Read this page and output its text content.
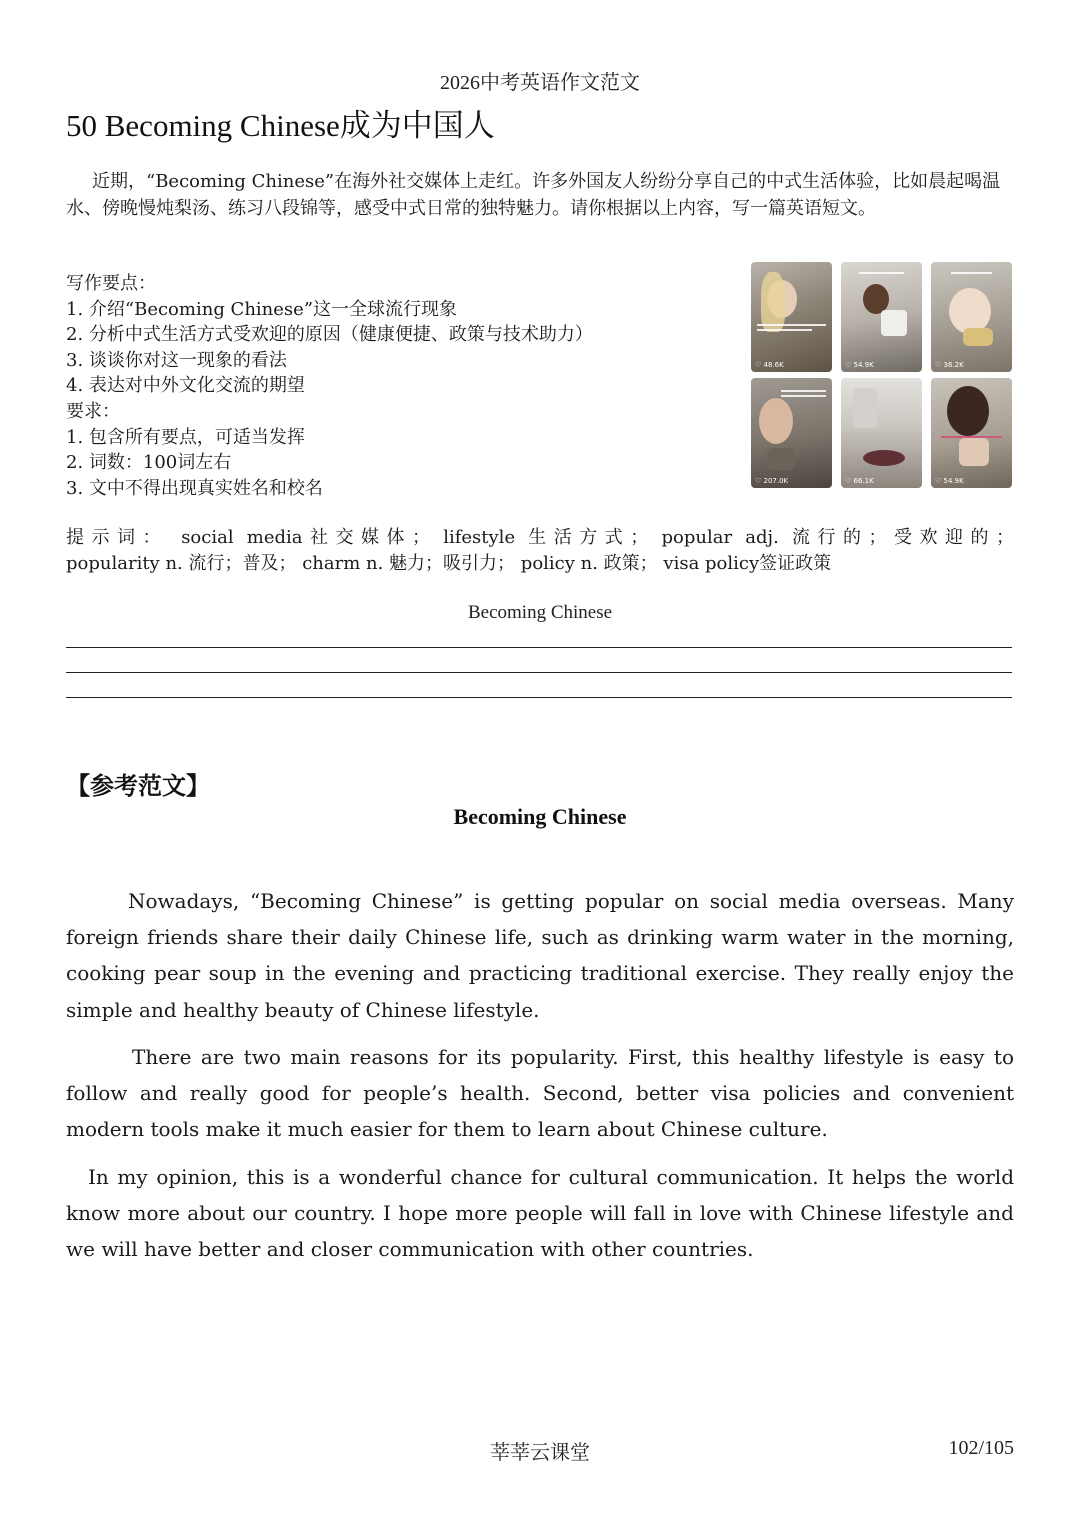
2026中考英语作文范文
50 Becoming Chinese成为中国人

近期，“Becoming Chinese”在海外社交媒体上走红。许多外国友人纷纷分享自己的中式生活体验，比如晨起喝温水、傍晚慢炖梨汤、练习八段锦等，感受中式日常的独特魅力。请你根据以上内容，写一篇英语短文。

写作要点：
1. 介绍“Becoming Chinese”这一全球流行现象
2. 分析中式生活方式受欢迎的原因（健康便捷、政策与技术助力）
3. 谈谈你对这一现象的看法
4. 表达对中外文化交流的期望
要求：
1. 包含所有要点，可适当发挥
2. 词数：100词左右
3. 文中不得出现真实姓名和校名
♡ 48.6K	♡ 54.9K	♡ 36.2K
♡ 207.0K	♡ 66.1K	♡ 54.9K
提示词： social media社交媒体； lifestyle 生活方式； popular adj. 流行的；受欢迎的； popularity n. 流行；普及； charm n. 魅力；吸引力； policy n. 政策； visa policy签证政策
Becoming Chinese
【参考范文】
Becoming Chinese

Nowadays, “Becoming Chinese” is getting popular on social media overseas. Many foreign friends share their daily Chinese life, such as drinking warm water in the morning, cooking pear soup in the evening and practicing traditional exercise. They really enjoy the simple and healthy beauty of Chinese lifestyle.

There are two main reasons for its popularity. First, this healthy lifestyle is easy to follow and really good for people’s health. Second, better visa policies and convenient modern tools make it much easier for them to learn about Chinese culture.

In my opinion, this is a wonderful chance for cultural communication. It helps the world know more about our country. I hope more people will fall in love with Chinese lifestyle and we will have better and closer communication with other countries.

莘莘云课堂	102/105
